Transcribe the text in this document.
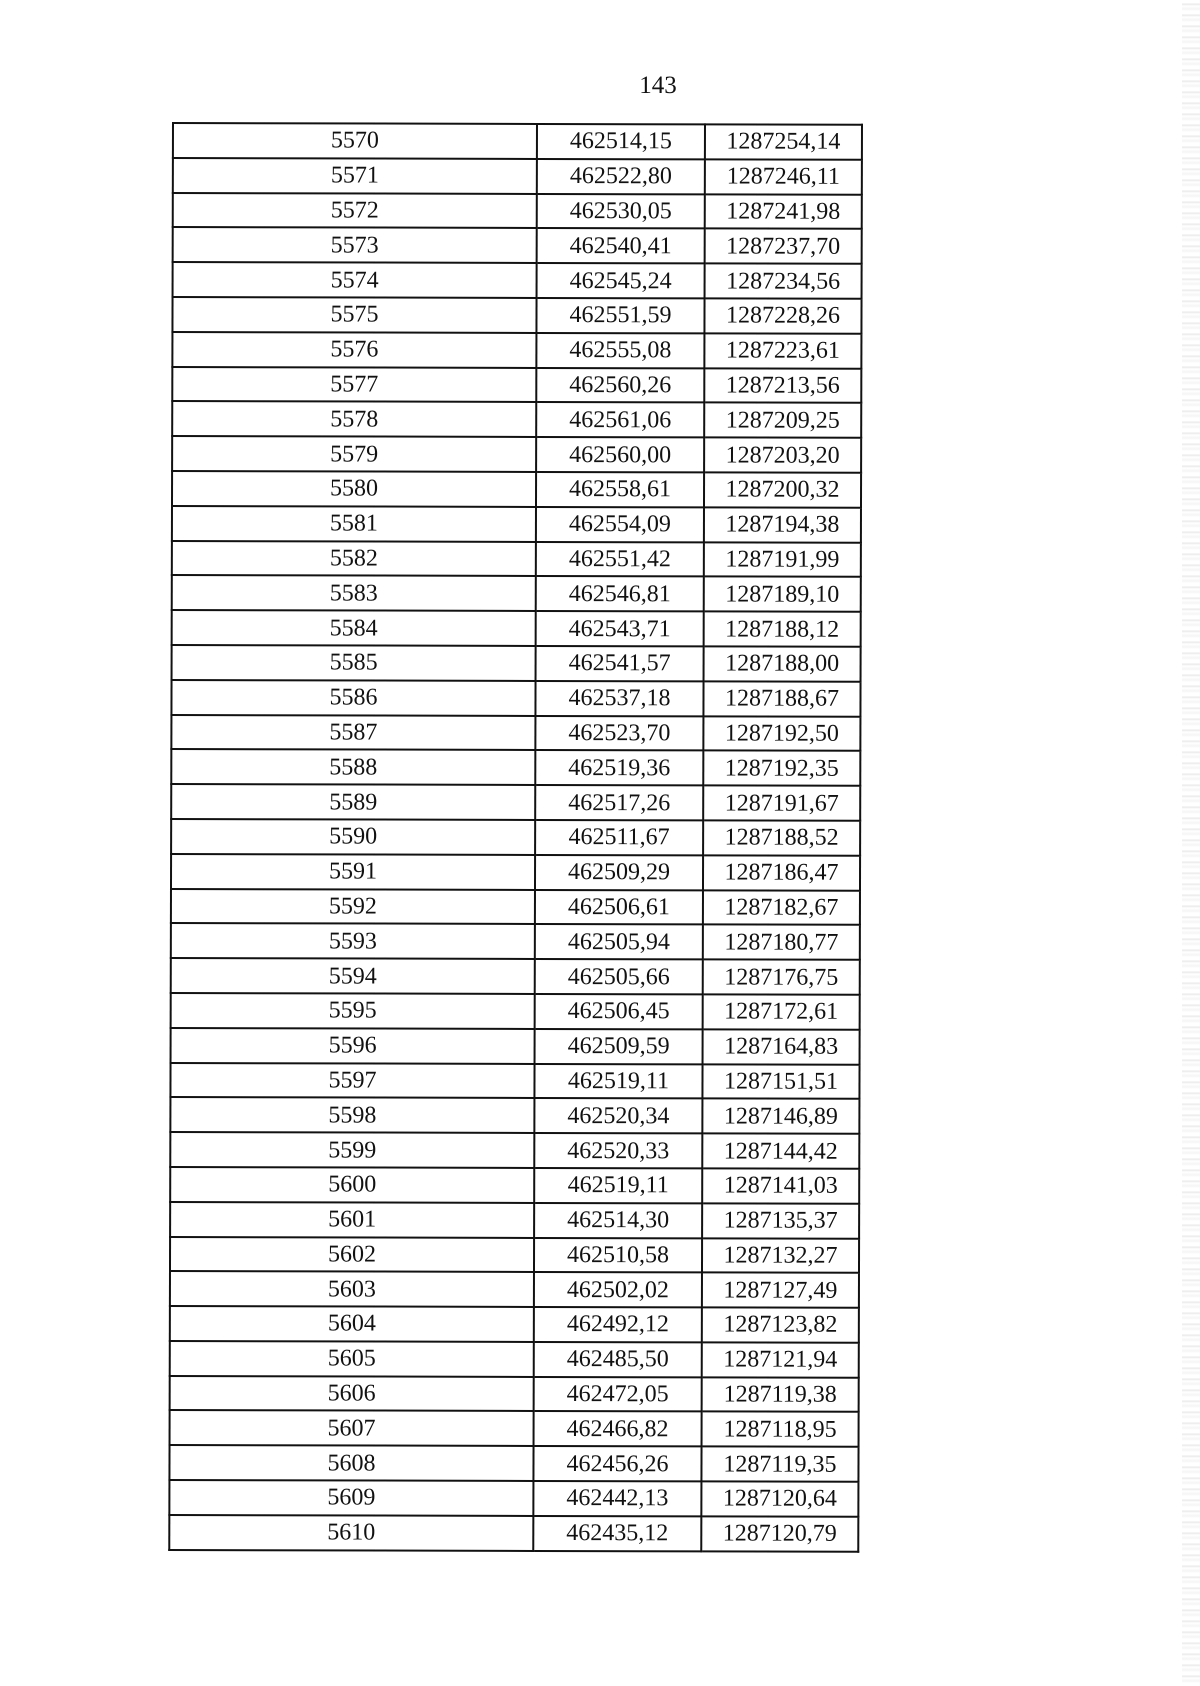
143
5570	462514,15	1287254,14
5571	462522,80	1287246,11
5572	462530,05	1287241,98
5573	462540,41	1287237,70
5574	462545,24	1287234,56
5575	462551,59	1287228,26
5576	462555,08	1287223,61
5577	462560,26	1287213,56
5578	462561,06	1287209,25
5579	462560,00	1287203,20
5580	462558,61	1287200,32
5581	462554,09	1287194,38
5582	462551,42	1287191,99
5583	462546,81	1287189,10
5584	462543,71	1287188,12
5585	462541,57	1287188,00
5586	462537,18	1287188,67
5587	462523,70	1287192,50
5588	462519,36	1287192,35
5589	462517,26	1287191,67
5590	462511,67	1287188,52
5591	462509,29	1287186,47
5592	462506,61	1287182,67
5593	462505,94	1287180,77
5594	462505,66	1287176,75
5595	462506,45	1287172,61
5596	462509,59	1287164,83
5597	462519,11	1287151,51
5598	462520,34	1287146,89
5599	462520,33	1287144,42
5600	462519,11	1287141,03
5601	462514,30	1287135,37
5602	462510,58	1287132,27
5603	462502,02	1287127,49
5604	462492,12	1287123,82
5605	462485,50	1287121,94
5606	462472,05	1287119,38
5607	462466,82	1287118,95
5608	462456,26	1287119,35
5609	462442,13	1287120,64
5610	462435,12	1287120,79
